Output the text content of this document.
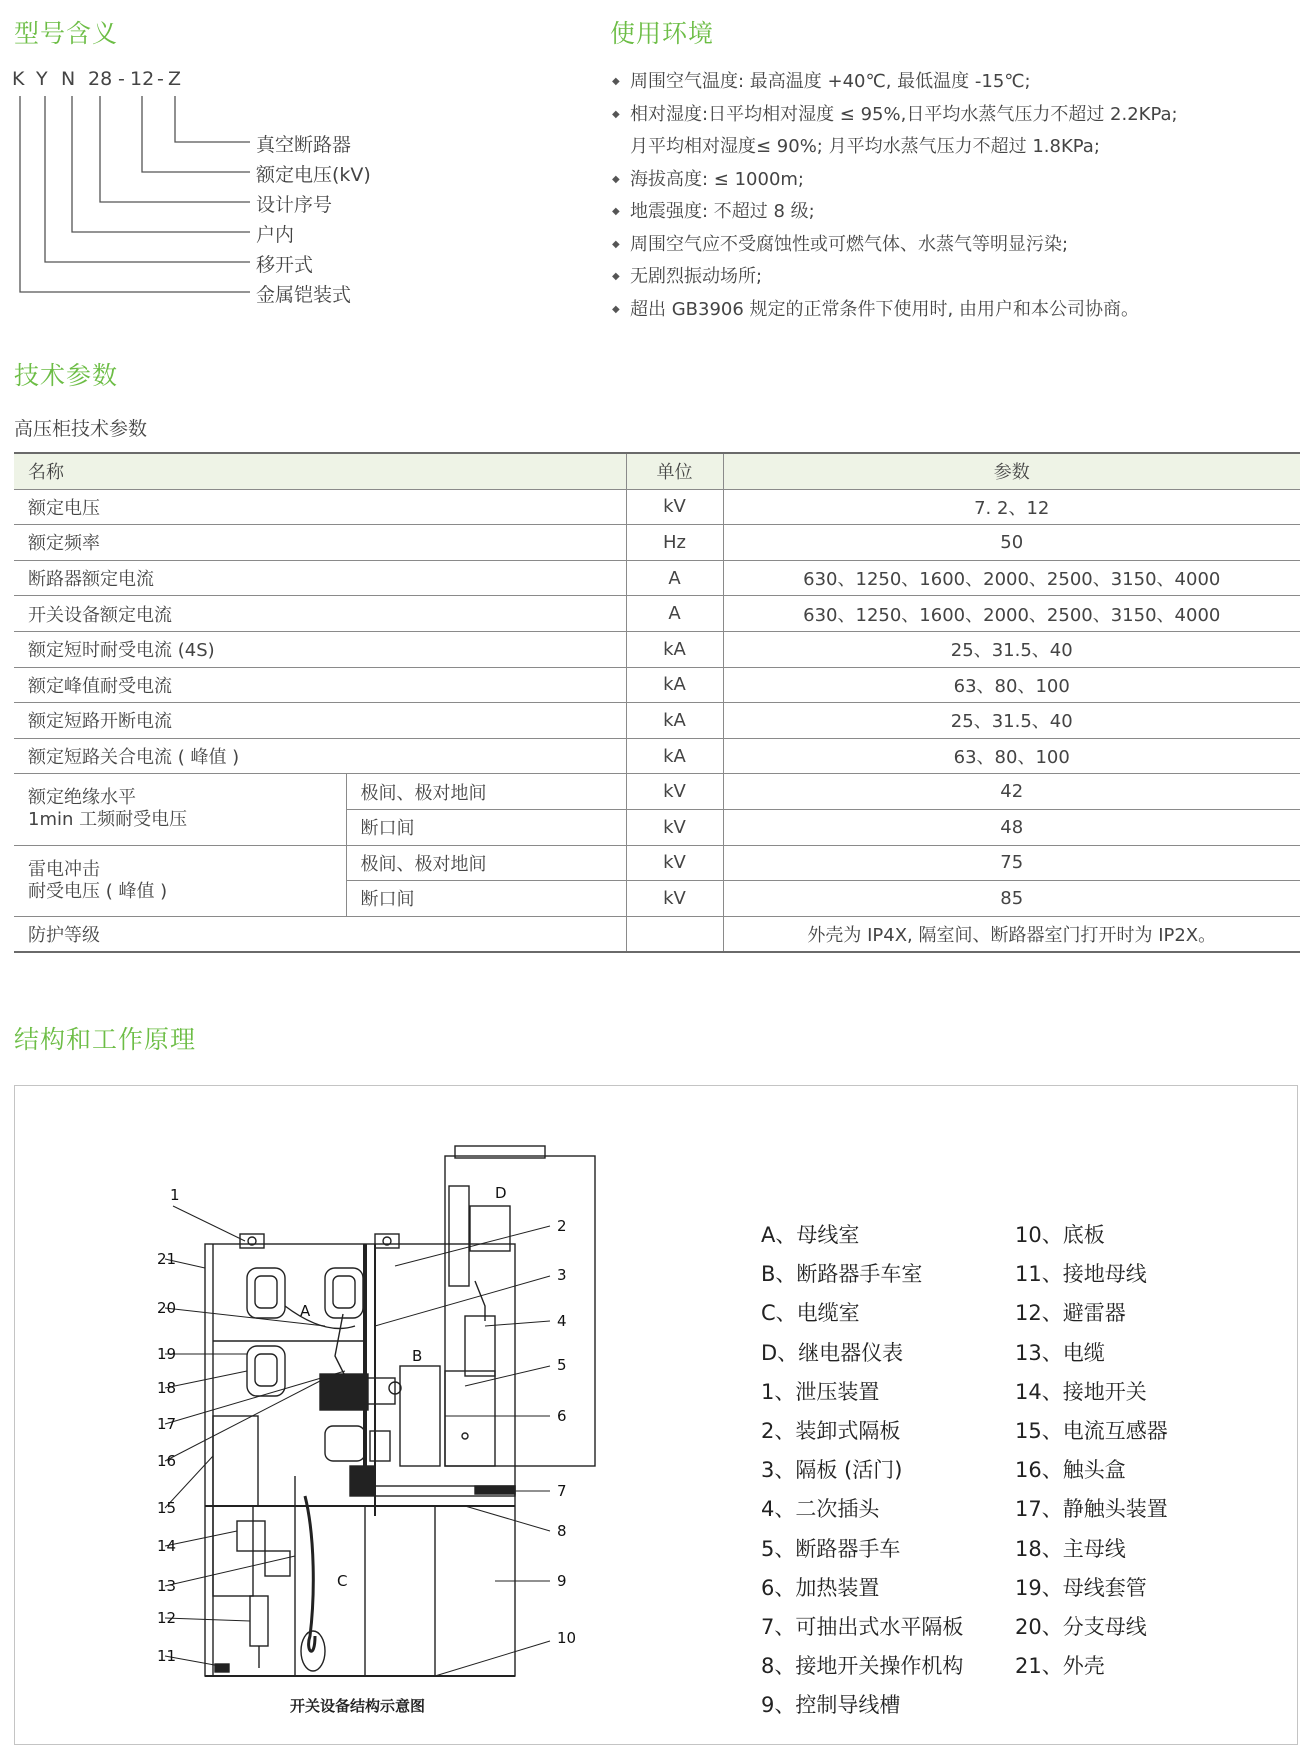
型号含义
K Y N 28 - 12 - Z
真空断路器
额定电压(kV)
设计序号
户内
移开式
金属铠装式
使用环境
◆ 周围空气温度: 最高温度 +40℃, 最低温度 -15℃;
◆ 相对湿度:日平均相对湿度 ≤ 95%,日平均水蒸气压力不超过 2.2KPa;
月平均相对湿度≤ 90%; 月平均水蒸气压力不超过 1.8KPa;
◆ 海拔高度: ≤ 1000m;
◆ 地震强度: 不超过 8 级;
◆ 周围空气应不受腐蚀性或可燃气体、水蒸气等明显污染;
◆ 无剧烈振动场所;
◆ 超出 GB3906 规定的正常条件下使用时, 由用户和本公司协商。
技术参数
高压柜技术参数
名称		单位	参数
额定电压		kV	7. 2、12
额定频率		Hz	50
断路器额定电流		A	630、1250、1600、2000、2500、3150、4000
开关设备额定电流		A	630、1250、1600、2000、2500、3150、4000
额定短时耐受电流 (4S)		kA	25、31.5、40
额定峰值耐受电流		kA	63、80、100
额定短路开断电流		kA	25、31.5、40
额定短路关合电流 ( 峰值 )		kA	63、80、100

额定绝缘水平
1min 工频耐受电压	极间、极对地间	kV	42
	断口间	kV	48

雷电冲击
耐受电压 ( 峰值 )	极间、极对地间	kV	75
	断口间	kV	85
防护等级			外壳为 IP4X, 隔室间、断路器室门打开时为 IP2X。
结构和工作原理
A
B
C
D
1
2
3
4
5
6
7
8
9
10
11
12
13
14
15
16
17
18
19
20
21
开关设备结构示意图
A、母线室
B、断路器手车室
C、电缆室
D、继电器仪表
1、泄压装置
2、装卸式隔板
3、隔板 (活门)
4、二次插头
5、断路器手车
6、加热装置
7、可抽出式水平隔板
8、接地开关操作机构
9、控制导线槽
10、底板
11、接地母线
12、避雷器
13、电缆
14、接地开关
15、电流互感器
16、触头盒
17、静触头装置
18、主母线
19、母线套管
20、分支母线
21、外壳
